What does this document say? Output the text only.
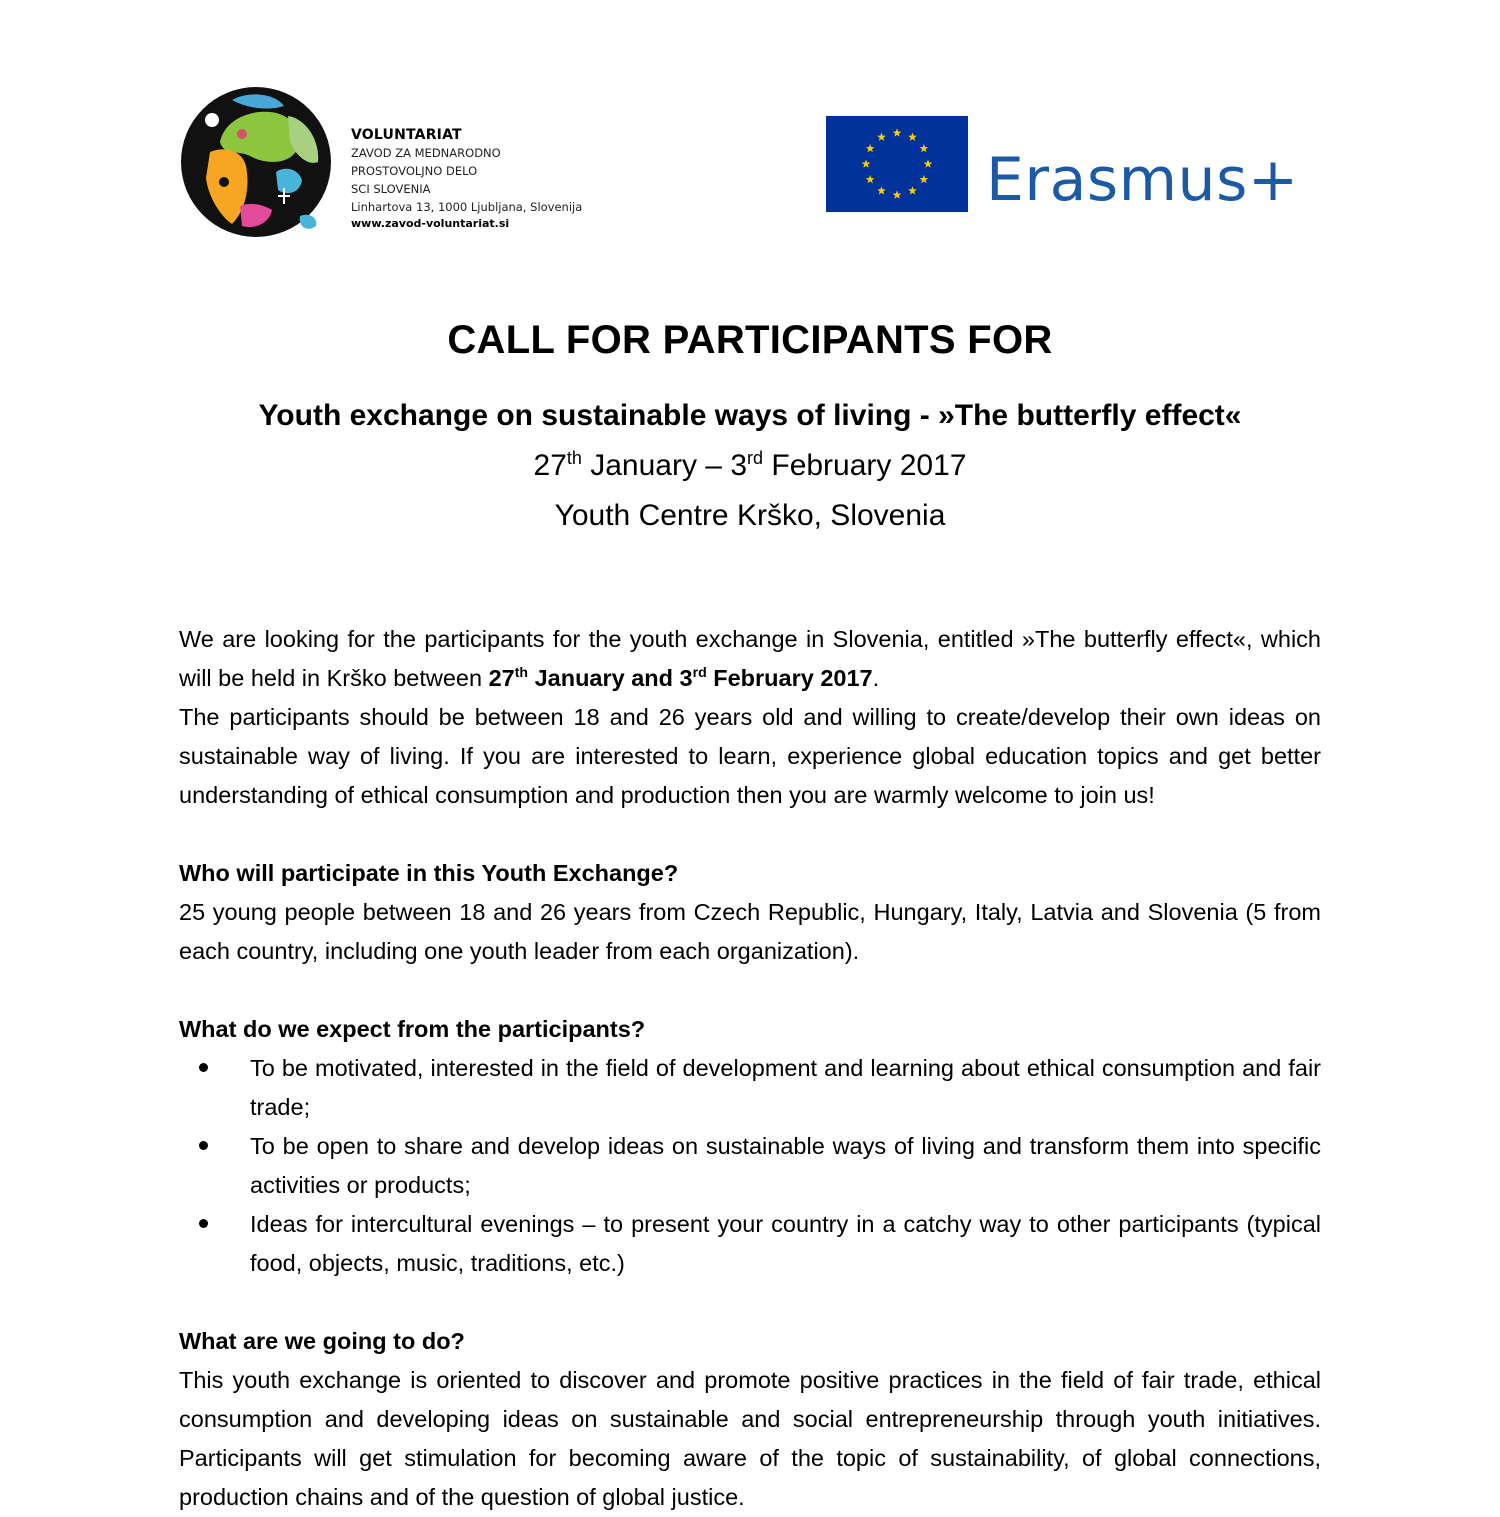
VOLUNTARIAT
ZAVOD ZA MEDNARODNO
PROSTOVOLJNO DELO
SCI SLOVENIA
Linhartova 13, 1000 Ljubljana, Slovenija
www.zavod-voluntariat.si
Erasmus+
CALL FOR PARTICIPANTS FOR
Youth exchange on sustainable ways of living - »The butterfly effect«
27th January – 3rd February 2017
Youth Centre Krško, Slovenia

We are looking for the participants for the youth exchange in Slovenia, entitled »The butterfly effect«, which will be held in Krško between 27th January and 3rd February 2017.

The participants should be between 18 and 26 years old and willing to create/develop their own ideas on sustainable way of living. If you are interested to learn, experience global education topics and get better understanding of ethical consumption and production then you are warmly welcome to join us!

Who will participate in this Youth Exchange?

25 young people between 18 and 26 years from Czech Republic, Hungary, Italy, Latvia and Slovenia (5 from each country, including one youth leader from each organization).

What do we expect from the participants?

To be motivated, interested in the field of development and learning about ethical consumption and fair trade;
To be open to share and develop ideas on sustainable ways of living and transform them into specific activities or products;
Ideas for intercultural evenings – to present your country in a catchy way to other participants (typical food, objects, music, traditions, etc.)

What are we going to do?

This youth exchange is oriented to discover and promote positive practices in the field of fair trade, ethical consumption and developing ideas on sustainable and social entrepreneurship through youth initiatives. Participants will get stimulation for becoming aware of the topic of sustainability, of global connections, production chains and of the question of global justice.
